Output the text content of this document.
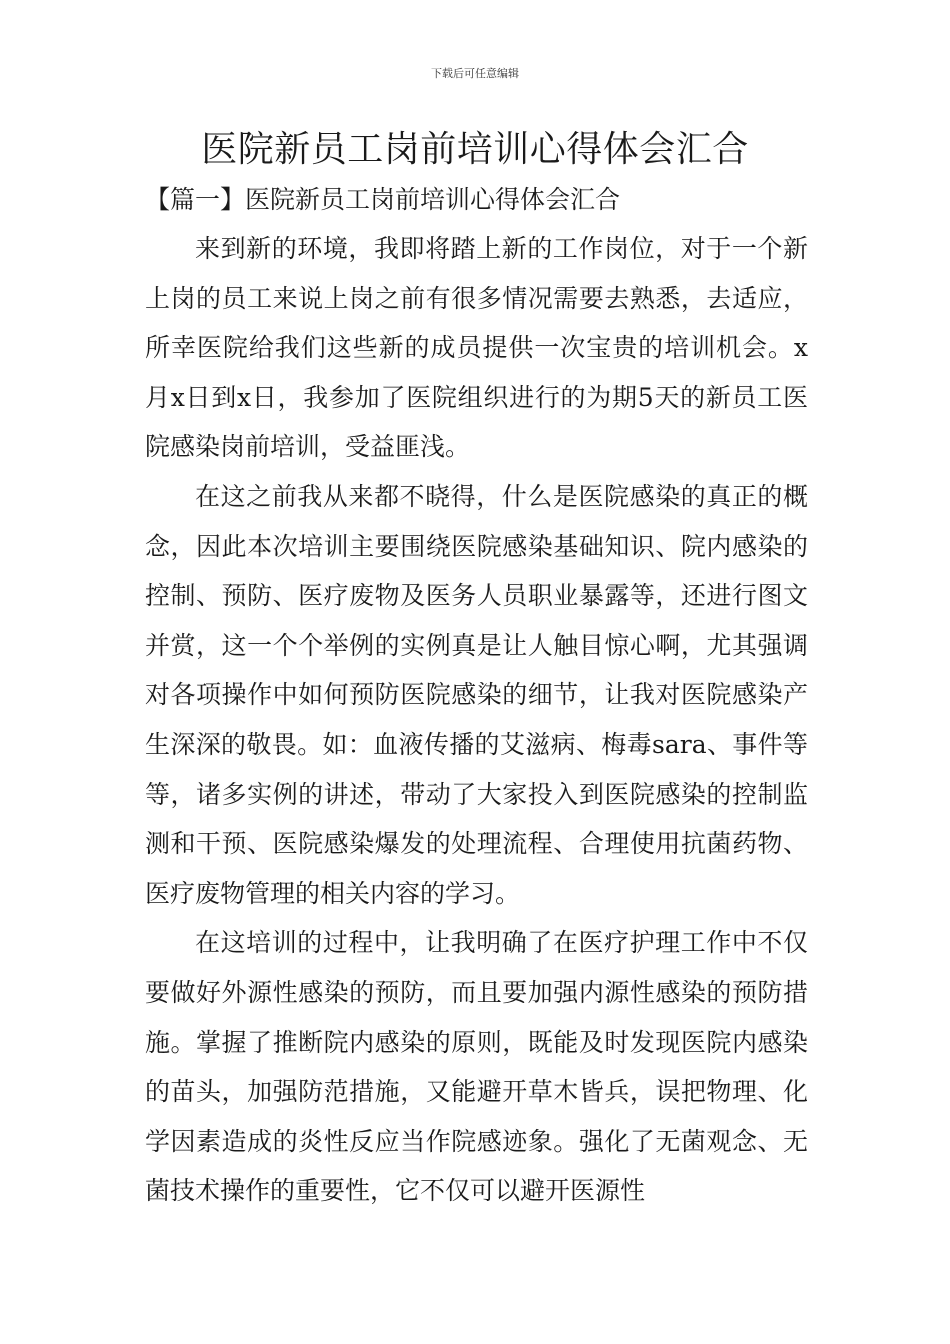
下载后可任意编辑
医院新员工岗前培训心得体会汇合
【篇一】医院新员工岗前培训心得体会汇合

来到新的环境，我即将踏上新的工作岗位，对于一个新上岗的员工来说上岗之前有很多情况需要去熟悉，去适应，所幸医院给我们这些新的成员提供一次宝贵的培训机会。x月x日到x日，我参加了医院组织进行的为期5天的新员工医院感染岗前培训，受益匪浅。

在这之前我从来都不晓得，什么是医院感染的真正的概念，因此本次培训主要围绕医院感染基础知识、院内感染的控制、预防、医疗废物及医务人员职业暴露等，还进行图文并赏，这一个个举例的实例真是让人触目惊心啊，尤其强调对各项操作中如何预防医院感染的细节，让我对医院感染产生深深的敬畏。如：血液传播的艾滋病、梅毒sara、事件等等，诸多实例的讲述，带动了大家投入到医院感染的控制监测和干预、医院感染爆发的处理流程、合理使用抗菌药物、医疗废物管理的相关内容的学习。

在这培训的过程中，让我明确了在医疗护理工作中不仅要做好外源性感染的预防，而且要加强内源性感染的预防措施。掌握了推断院内感染的原则，既能及时发现医院内感染的苗头，加强防范措施，又能避开草木皆兵，误把物理、化学因素造成的炎性反应当作院感迹象。强化了无菌观念、无菌技术操作的重要性，它不仅可以避开医源性
